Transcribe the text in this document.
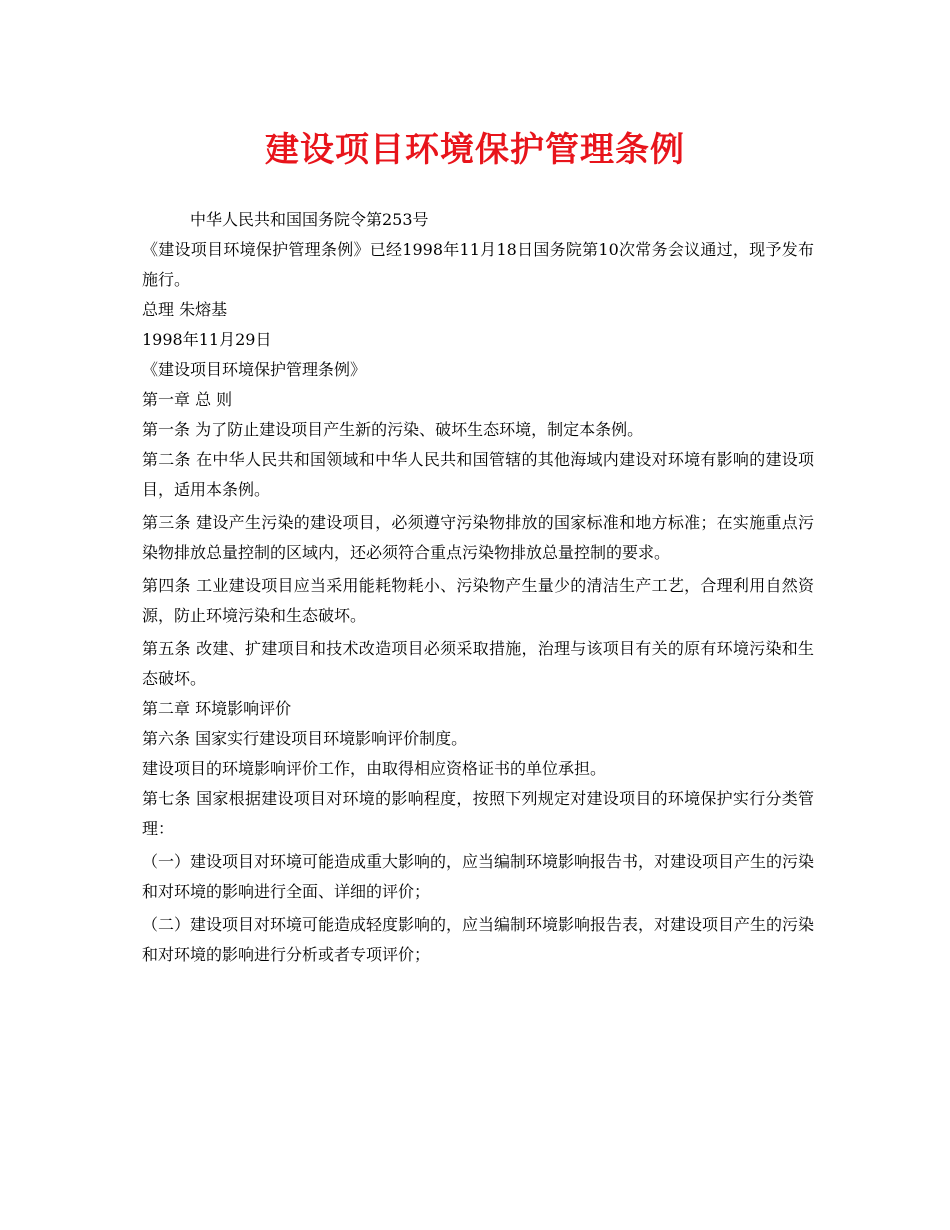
建设项目环境保护管理条例

中华人民共和国国务院令第253号

《建设项目环境保护管理条例》已经1998年11月18日国务院第10次常务会议通过，现予发布施行。

总理 朱熔基

1998年11月29日

《建设项目环境保护管理条例》

第一章 总 则

第一条 为了防止建设项目产生新的污染、破坏生态环境，制定本条例。

第二条 在中华人民共和国领域和中华人民共和国管辖的其他海域内建设对环境有影响的建设项目，适用本条例。

第三条 建设产生污染的建设项目，必须遵守污染物排放的国家标准和地方标准；在实施重点污染物排放总量控制的区域内，还必须符合重点污染物排放总量控制的要求。

第四条 工业建设项目应当采用能耗物耗小、污染物产生量少的清洁生产工艺，合理利用自然资源，防止环境污染和生态破坏。

第五条 改建、扩建项目和技术改造项目必须采取措施，治理与该项目有关的原有环境污染和生态破坏。

第二章 环境影响评价

第六条 国家实行建设项目环境影响评价制度。

建设项目的环境影响评价工作，由取得相应资格证书的单位承担。

第七条 国家根据建设项目对环境的影响程度，按照下列规定对建设项目的环境保护实行分类管理：

（一）建设项目对环境可能造成重大影响的，应当编制环境影响报告书，对建设项目产生的污染和对环境的影响进行全面、详细的评价；

（二）建设项目对环境可能造成轻度影响的，应当编制环境影响报告表，对建设项目产生的污染和对环境的影响进行分析或者专项评价；
